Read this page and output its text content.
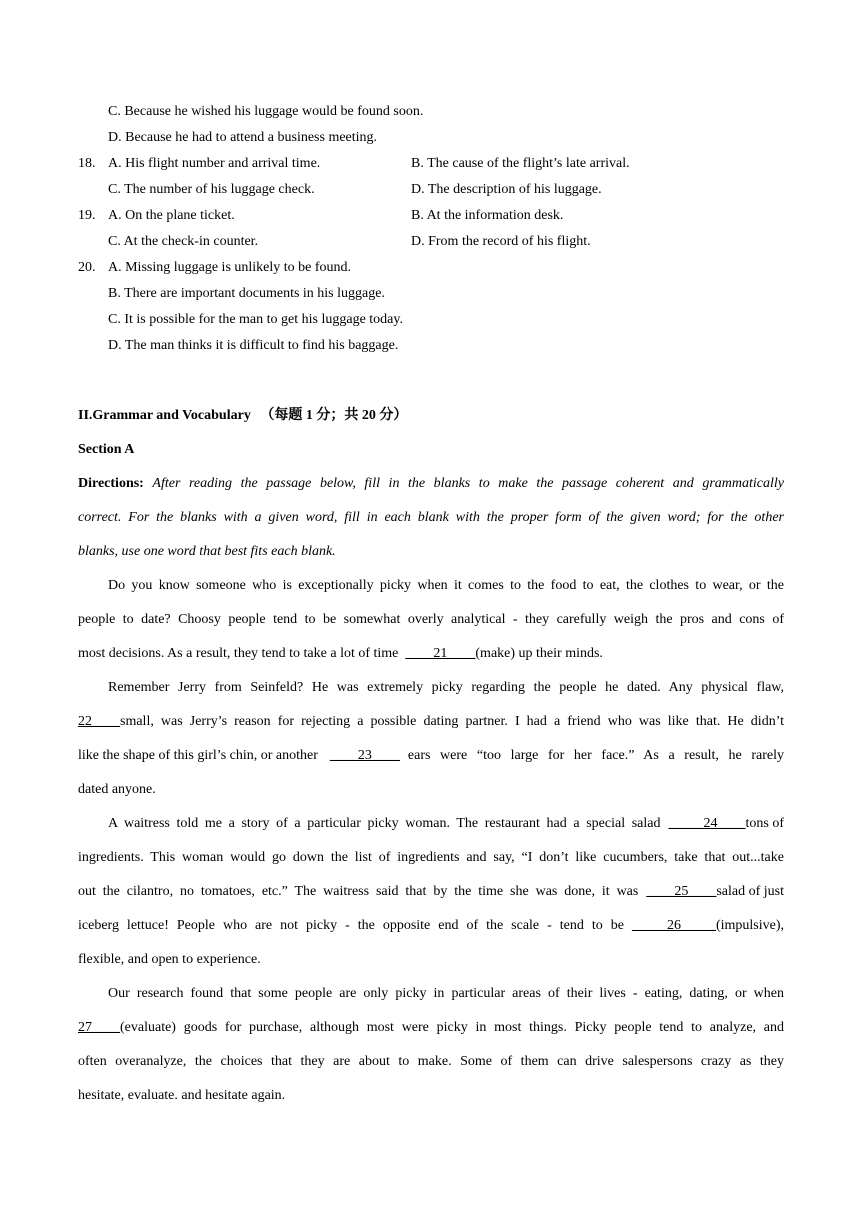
C. Because he wished his luggage would be found soon.
D. Because he had to attend a business meeting.
18. A. His flight number and arrival time.	B. The cause of the flight’s late arrival.
C. The number of his luggage check.	D. The description of his luggage.
19. A. On the plane ticket.	B. At the information desk.
C. At the check-in counter.	D. From the record of his flight.
20. A. Missing luggage is unlikely to be found.
B. There are important documents in his luggage.
C. It is possible for the man to get his luggage today.
D. The man thinks it is difficult to find his baggage.
II.Grammar and Vocabulary （每题 1 分；共 20 分）
Section A
Directions: After reading the passage below, fill in the blanks to make the passage coherent and grammatically
correct. For the blanks with a given word, fill in each blank with the proper form of the given word; for the other
blanks, use one word that best fits each blank.
Do you know someone who is exceptionally picky when it comes to the food to eat, the clothes to wear, or the
people to date? Choosy people tend to be somewhat overly analytical - they carefully weigh the pros and cons of
most decisions. As a result, they tend to take a lot of time ____21____(make) up their minds.
Remember Jerry from Seinfeld? He was extremely picky regarding the people he dated. Any physical flaw,
22____ small, was Jerry’s reason for rejecting a possible dating partner. I had a friend who was like that. He didn’t
like the shape of this girl’s chin, or another ____23____ ears were “too large for her face.” As a result, he rarely
dated anyone.
A waitress told me a story of a particular picky woman. The restaurant had a special salad _____24____ tons of
ingredients. This woman would go down the list of ingredients and say, “I don’t like cucumbers, take that out...take
out the cilantro, no tomatoes, etc.” The waitress said that by the time she was done, it was ____25____ salad of just
iceberg lettuce! People who are not picky - the opposite end of the scale - tend to be _____26_____ (impulsive),
flexible, and open to experience.
Our research found that some people are only picky in particular areas of their lives - eating, dating, or when
27____ (evaluate) goods for purchase, although most were picky in most things. Picky people tend to analyze, and
often overanalyze, the choices that they are about to make. Some of them can drive salespersons crazy as they
hesitate, evaluate. and hesitate again.
